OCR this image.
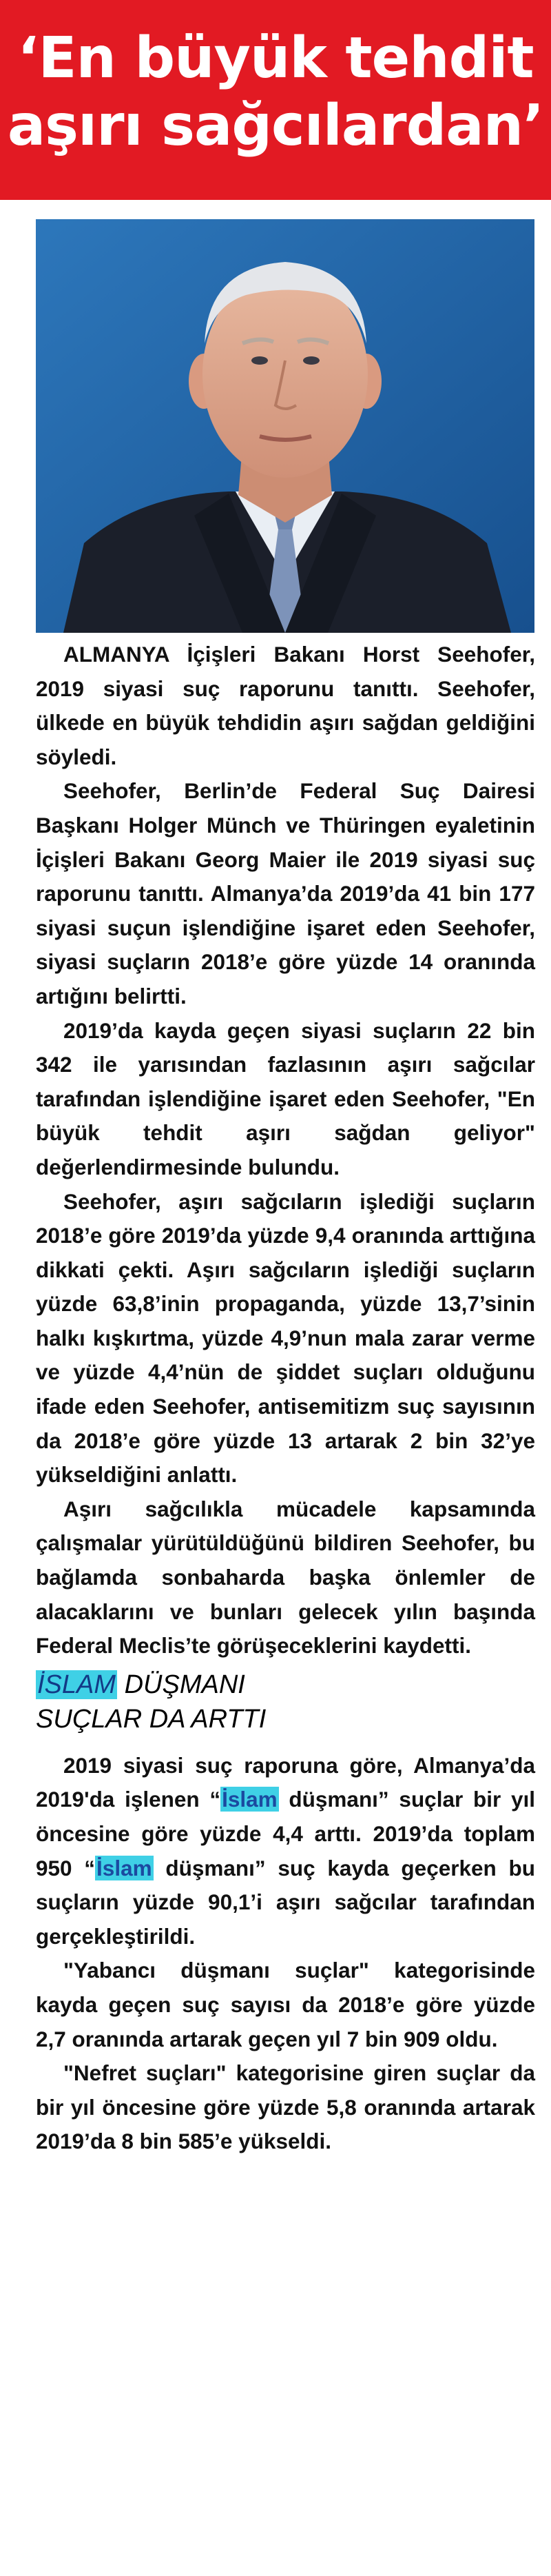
‘En büyük tehdit
aşırı sağcılardan’

ALMANYA İçişleri Bakanı Horst Seehofer, 2019 siyasi suç raporunu tanıttı. Seehofer, ülkede en büyük tehdidin aşırı sağdan geldiğini söyledi.

Seehofer, Berlin’de Federal Suç Dairesi Başkanı Holger Münch ve Thüringen eyaletinin İçişleri Bakanı Georg Maier ile 2019 siyasi suç raporunu tanıttı. Almanya’da 2019’da 41 bin 177 siyasi suçun işlendiğine işaret eden Seehofer, siyasi suçların 2018’e göre yüzde 14 oranında artığını belirtti.

2019’da kayda geçen siyasi suçların 22 bin 342 ile yarısından fazlasının aşırı sağcılar tarafından işlendiğine işaret eden Seehofer, "En büyük tehdit aşırı sağdan geliyor" değerlendirmesinde bulundu.

Seehofer, aşırı sağcıların işlediği suçların 2018’e göre 2019’da yüzde 9,4 oranında arttığına dikkati çekti. Aşırı sağcıların işlediği suçların yüzde 63,8’inin propaganda, yüzde 13,7’sinin halkı kışkırtma, yüzde 4,9’nun mala zarar verme ve yüzde 4,4’nün de şiddet suçları olduğunu ifade eden Seehofer, antisemitizm suç sayısının da 2018’e göre yüzde 13 artarak 2 bin 32’ye yükseldiğini anlattı.

Aşırı sağcılıkla mücadele kapsamında çalışmalar yürütüldüğünü bildiren Seehofer, bu bağlamda sonbaharda başka önlemler de alacaklarını ve bunları gelecek yılın başında Federal Meclis’te görüşeceklerini kaydetti.

İSLAM DÜŞMANI
SUÇLAR DA ARTTI

2019 siyasi suç raporuna göre, Almanya’da 2019'da işlenen “İslam düşmanı” suçlar bir yıl öncesine göre yüzde 4,4 arttı. 2019’da toplam 950 “İslam düşmanı” suç kayda geçerken bu suçların yüzde 90,1’i aşırı sağcılar tarafından gerçekleştirildi.

"Yabancı düşmanı suçlar" kategorisinde kayda geçen suç sayısı da 2018’e göre yüzde 2,7 oranında artarak geçen yıl 7 bin 909 oldu.

"Nefret suçları" kategorisine giren suçlar da bir yıl öncesine göre yüzde 5,8 oranında artarak 2019’da 8 bin 585’e yükseldi.
